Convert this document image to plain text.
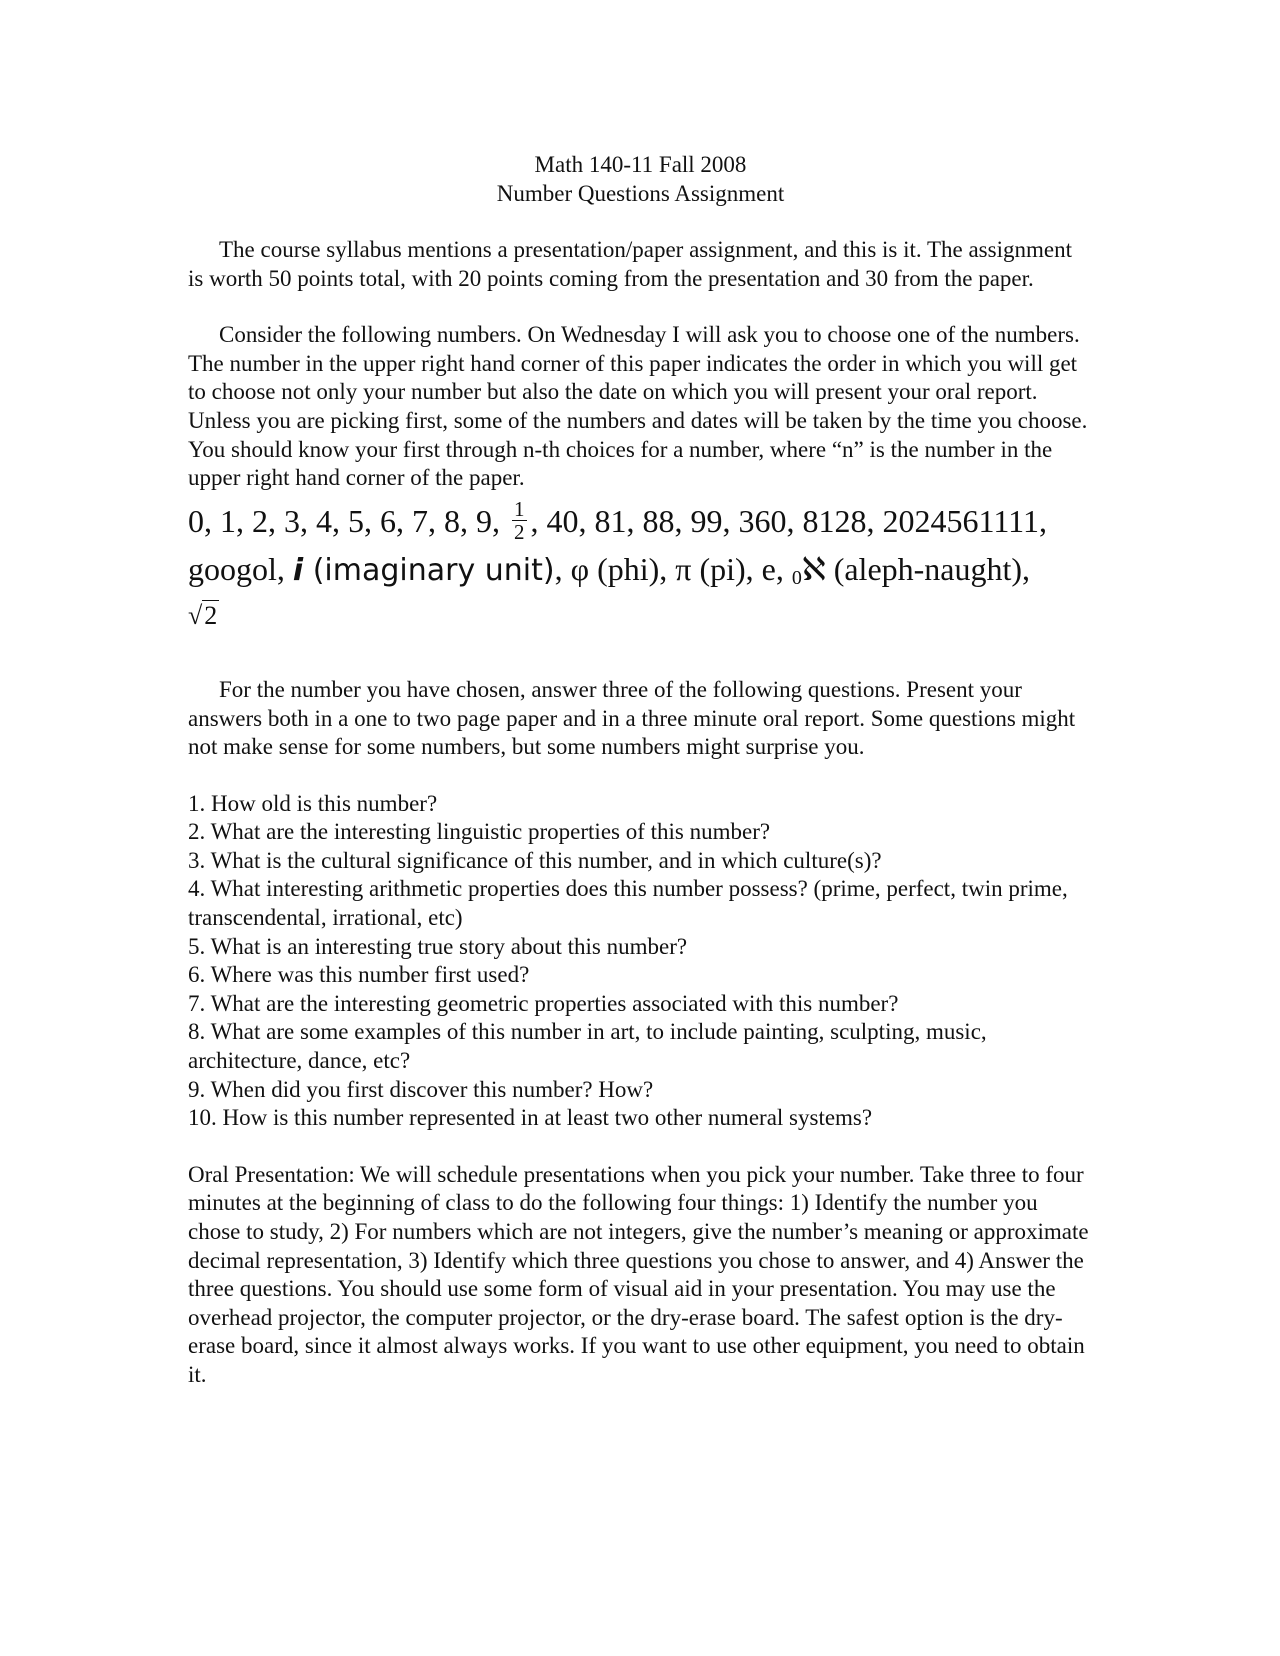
Math 140-11 Fall 2008
Number Questions Assignment

The course syllabus mentions a presentation/paper assignment, and this is it. The assignment is worth 50 points total, with 20 points coming from the presentation and 30 from the paper.

Consider the following numbers. On Wednesday I will ask you to choose one of the numbers. The number in the upper right hand corner of this paper indicates the order in which you will get to choose not only your number but also the date on which you will present your oral report. Unless you are picking first, some of the numbers and dates will be taken by the time you choose. You should know your first through n-th choices for a number, where “n” is the number in the upper right hand corner of the paper.

0, 1, 2, 3, 4, 5, 6, 7, 8, 9, $\frac{1}{2}$ , 40, 81, 88, 99, 360, 8128, 2024561111,
googol, i (imaginary unit), φ (phi), π (pi), e, 0ℵ (aleph-naught),
√2

For the number you have chosen, answer three of the following questions. Present your answers both in a one to two page paper and in a three minute oral report. Some questions might not make sense for some numbers, but some numbers might surprise you.

1. How old is this number?
2. What are the interesting linguistic properties of this number?
3. What is the cultural significance of this number, and in which culture(s)?
4. What interesting arithmetic properties does this number possess? (prime, perfect, twin prime, transcendental, irrational, etc)
5. What is an interesting true story about this number?
6. Where was this number first used?
7. What are the interesting geometric properties associated with this number?
8. What are some examples of this number in art, to include painting, sculpting, music, architecture, dance, etc?
9. When did you first discover this number? How?
10. How is this number represented in at least two other numeral systems?

Oral Presentation: We will schedule presentations when you pick your number. Take three to four minutes at the beginning of class to do the following four things: 1) Identify the number you chose to study, 2) For numbers which are not integers, give the number’s meaning or approximate decimal representation, 3) Identify which three questions you chose to answer, and 4) Answer the three questions. You should use some form of visual aid in your presentation. You may use the overhead projector, the computer projector, or the dry-erase board. The safest option is the dry-erase board, since it almost always works. If you want to use other equipment, you need to obtain it.
